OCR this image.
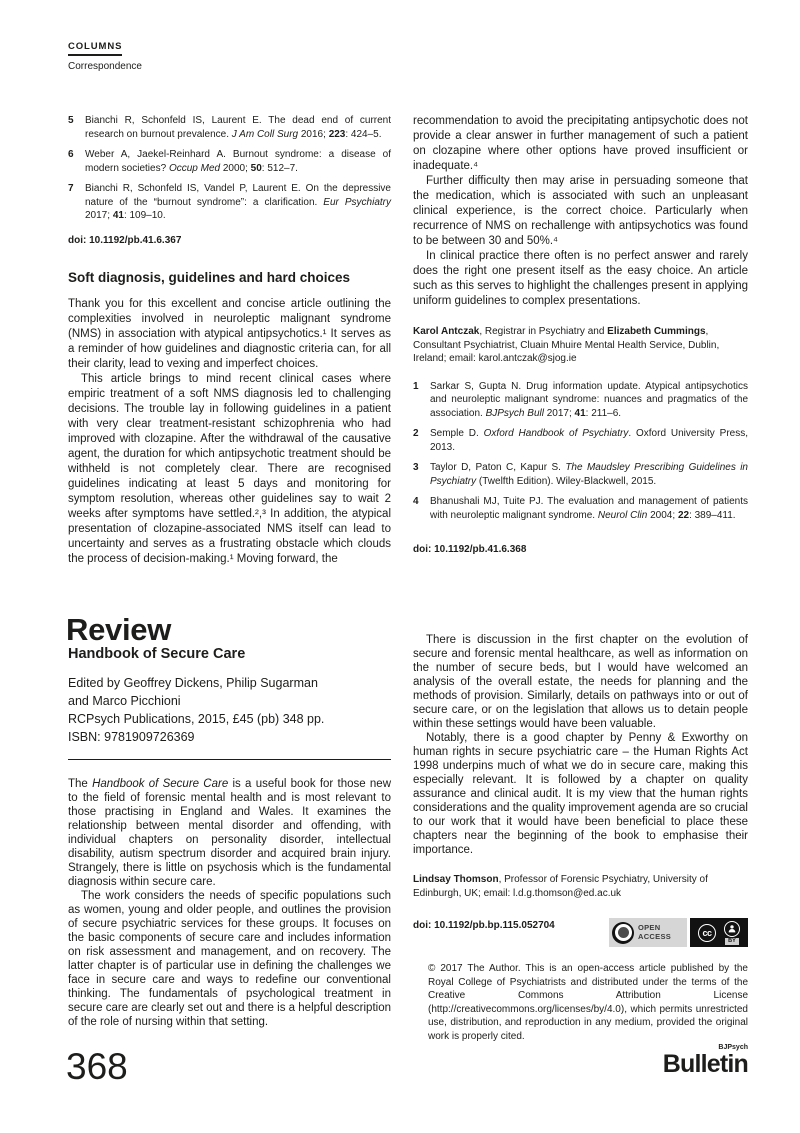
COLUMNS
Correspondence
5	Bianchi R, Schonfeld IS, Laurent E. The dead end of current research on burnout prevalence. J Am Coll Surg 2016; 223: 424–5.
6	Weber A, Jaekel-Reinhard A. Burnout syndrome: a disease of modern societies? Occup Med 2000; 50: 512–7.
7	Bianchi R, Schonfeld IS, Vandel P, Laurent E. On the depressive nature of the “burnout syndrome”: a clarification. Eur Psychiatry 2017; 41: 109–10.
doi: 10.1192/pb.41.6.367
Soft diagnosis, guidelines and hard choices

Thank you for this excellent and concise article outlining the complexities involved in neuroleptic malignant syndrome (NMS) in association with atypical antipsychotics.¹ It serves as a reminder of how guidelines and diagnostic criteria can, for all their clarity, lead to vexing and imperfect choices.

This article brings to mind recent clinical cases where empiric treatment of a soft NMS diagnosis led to challenging decisions. The trouble lay in following guidelines in a patient with very clear treatment-resistant schizophrenia who had improved with clozapine. After the withdrawal of the causative agent, the duration for which antipsychotic treatment should be withheld is not completely clear. There are recognised guidelines indicating at least 5 days and monitoring for symptom resolution, whereas other guidelines say to wait 2 weeks after symptoms have settled.²,³ In addition, the atypical presentation of clozapine-associated NMS itself can lead to uncertainty and serves as a frustrating obstacle which clouds the process of decision-making.¹ Moving forward, the

recommendation to avoid the precipitating antipsychotic does not provide a clear answer in further management of such a patient on clozapine where other options have proved insufficient or inadequate.⁴

Further difficulty then may arise in persuading someone that the medication, which is associated with such an unpleasant clinical experience, is the correct choice. Particularly when recurrence of NMS on rechallenge with antipsychotics was found to be between 30 and 50%.⁴

In clinical practice there often is no perfect answer and rarely does the right one present itself as the easy choice. An article such as this serves to highlight the challenges present in applying uniform guidelines to complex presentations.

Karol Antczak, Registrar in Psychiatry and Elizabeth Cummings, Consultant Psychiatrist, Cluain Mhuire Mental Health Service, Dublin, Ireland; email: karol.antczak@sjog.ie
1	Sarkar S, Gupta N. Drug information update. Atypical antipsychotics and neuroleptic malignant syndrome: nuances and pragmatics of the association. BJPsych Bull 2017; 41: 211–6.
2	Semple D. Oxford Handbook of Psychiatry. Oxford University Press, 2013.
3	Taylor D, Paton C, Kapur S. The Maudsley Prescribing Guidelines in Psychiatry (Twelfth Edition). Wiley-Blackwell, 2015.
4	Bhanushali MJ, Tuite PJ. The evaluation and management of patients with neuroleptic malignant syndrome. Neurol Clin 2004; 22: 389–411.
doi: 10.1192/pb.41.6.368
Review
Handbook of Secure Care
Edited by Geoffrey Dickens, Philip Sugarman
and Marco Picchioni
RCPsych Publications, 2015, £45 (pb) 348 pp.
ISBN: 9781909726369

The Handbook of Secure Care is a useful book for those new to the field of forensic mental health and is most relevant to those practising in England and Wales. It examines the relationship between mental disorder and offending, with individual chapters on personality disorder, intellectual disability, autism spectrum disorder and acquired brain injury. Strangely, there is little on psychosis which is the fundamental diagnosis within secure care.

The work considers the needs of specific populations such as women, young and older people, and outlines the provision of secure psychiatric services for these groups. It focuses on the basic components of secure care and includes information on risk assessment and management, and on recovery. The latter chapter is of particular use in defining the challenges we face in secure care and ways to redefine our conventional thinking. The fundamentals of psychological treatment in secure care are clearly set out and there is a helpful description of the role of nursing within that setting.

There is discussion in the first chapter on the evolution of secure and forensic mental healthcare, as well as information on the number of secure beds, but I would have welcomed an analysis of the overall estate, the needs for planning and the methods of provision. Similarly, details on pathways into or out of secure care, or on the legislation that allows us to detain people within these settings would have been valuable.

Notably, there is a good chapter by Penny & Exworthy on human rights in secure psychiatric care – the Human Rights Act 1998 underpins much of what we do in secure care, making this especially relevant. It is followed by a chapter on quality assurance and clinical audit. It is my view that the human rights considerations and the quality improvement agenda are so crucial to our work that it would have been beneficial to place these chapters near the beginning of the book to emphasise their importance.

Lindsay Thomson, Professor of Forensic Psychiatry, University of Edinburgh, UK; email: l.d.g.thomson@ed.ac.uk
doi: 10.1192/pb.bp.115.052704	OPEN ACCESS	cc
BY

© 2017 The Author. This is an open-access article published by the Royal College of Psychiatrists and distributed under the terms of the Creative Commons Attribution License (http://creativecommons.org/licenses/by/4.0), which permits unrestricted use, distribution, and reproduction in any medium, provided the original work is properly cited.

368	BJPsych
Bulletin
